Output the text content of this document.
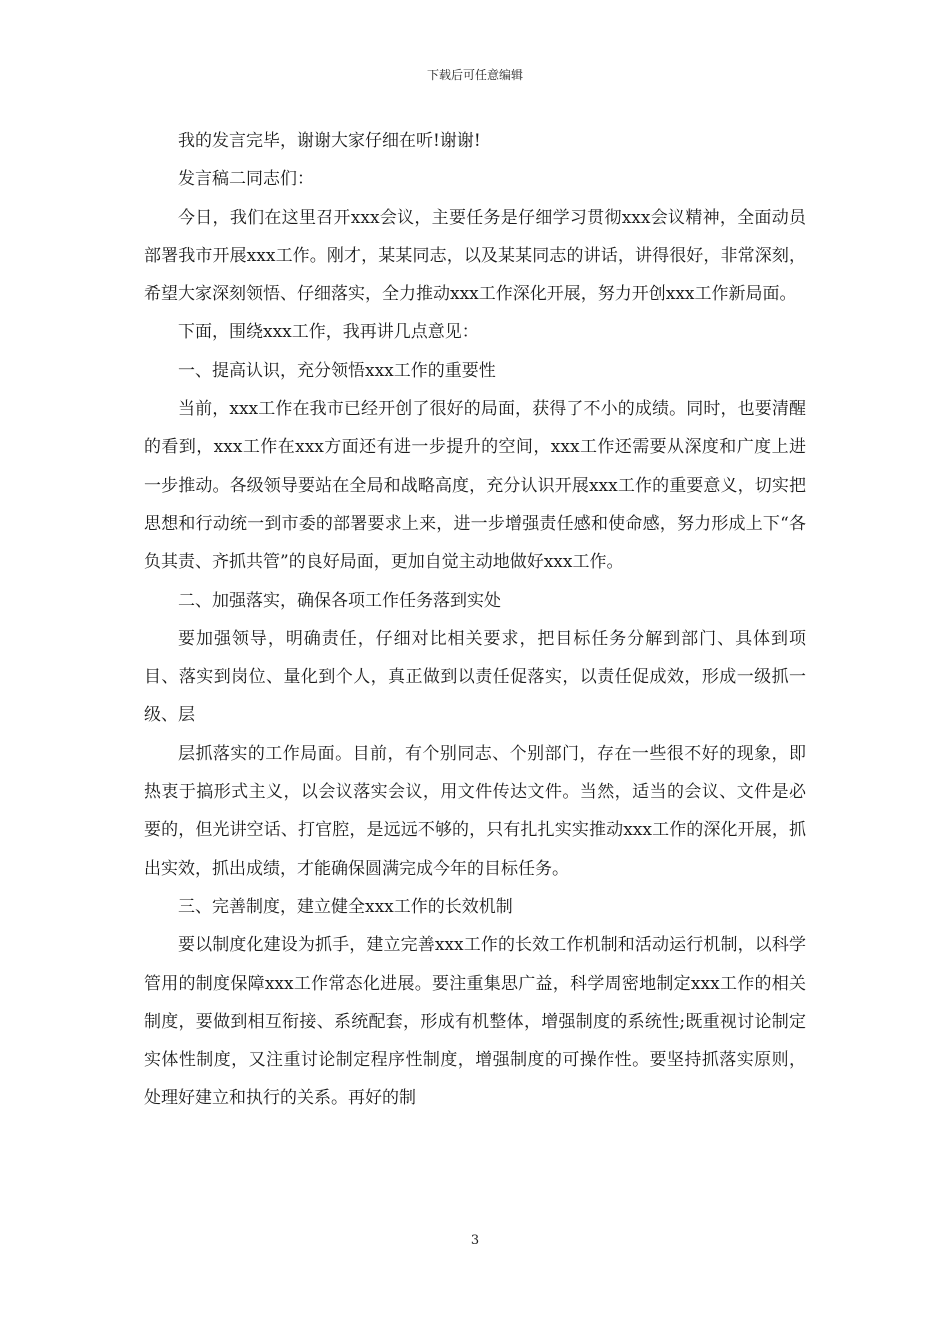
下载后可任意编辑

我的发言完毕，谢谢大家仔细在听!谢谢!

发言稿二同志们：

今日，我们在这里召开xxx会议，主要任务是仔细学习贯彻xxx会议精神，全面动员部署我市开展xxx工作。刚才，某某同志，以及某某同志的讲话，讲得很好，非常深刻，希望大家深刻领悟、仔细落实，全力推动xxx工作深化开展，努力开创xxx工作新局面。

下面，围绕xxx工作，我再讲几点意见：

一、提高认识，充分领悟xxx工作的重要性

当前，xxx工作在我市已经开创了很好的局面，获得了不小的成绩。同时，也要清醒的看到，xxx工作在xxx方面还有进一步提升的空间，xxx工作还需要从深度和广度上进一步推动。各级领导要站在全局和战略高度，充分认识开展xxx工作的重要意义，切实把思想和行动统一到市委的部署要求上来，进一步增强责任感和使命感，努力形成上下“各负其责、齐抓共管”的良好局面，更加自觉主动地做好xxx工作。

二、加强落实，确保各项工作任务落到实处

要加强领导，明确责任，仔细对比相关要求，把目标任务分解到部门、具体到项目、落实到岗位、量化到个人，真正做到以责任促落实，以责任促成效，形成一级抓一级、层

层抓落实的工作局面。目前，有个别同志、个别部门，存在一些很不好的现象，即热衷于搞形式主义，以会议落实会议，用文件传达文件。当然，适当的会议、文件是必要的，但光讲空话、打官腔，是远远不够的，只有扎扎实实推动xxx工作的深化开展，抓出实效，抓出成绩，才能确保圆满完成今年的目标任务。

三、完善制度，建立健全xxx工作的长效机制

要以制度化建设为抓手，建立完善xxx工作的长效工作机制和活动运行机制，以科学管用的制度保障xxx工作常态化进展。要注重集思广益，科学周密地制定xxx工作的相关制度，要做到相互衔接、系统配套，形成有机整体，增强制度的系统性;既重视讨论制定实体性制度，又注重讨论制定程序性制度，增强制度的可操作性。要坚持抓落实原则，处理好建立和执行的关系。再好的制

3
